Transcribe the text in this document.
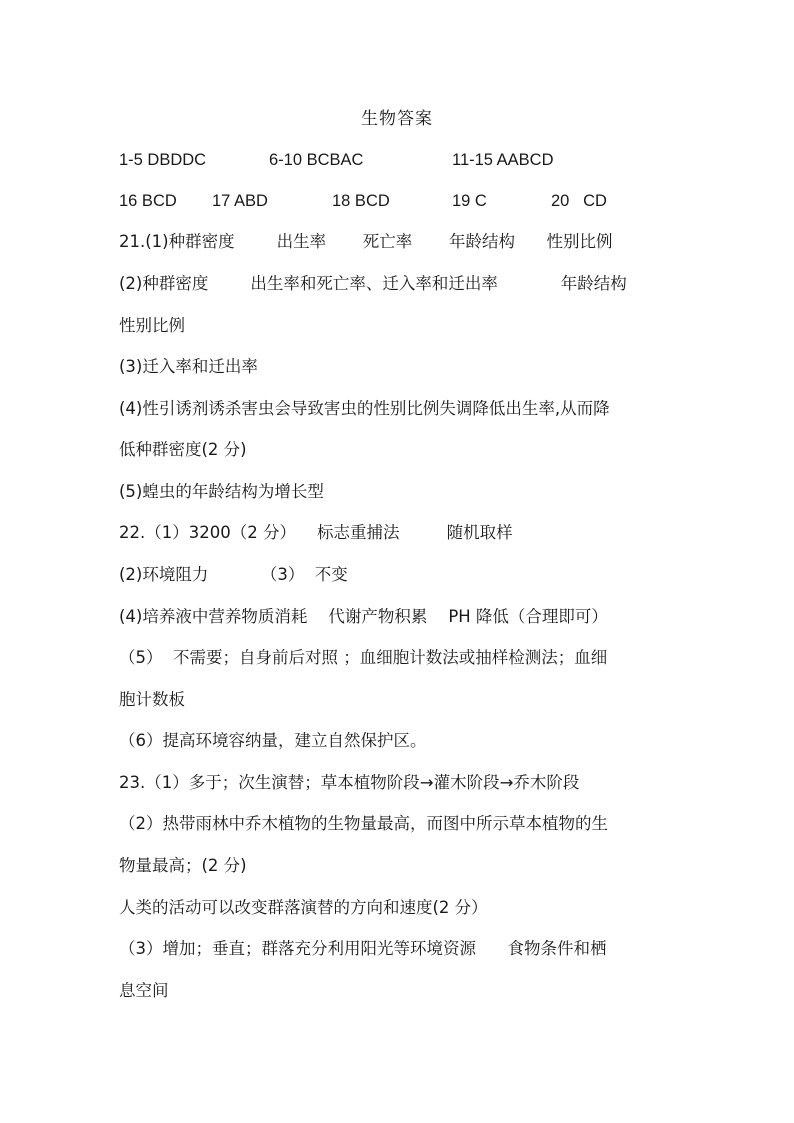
生物答案
1-5 DBDDC	6-10 BCBAC	11-15 AABCD
16 BCD 17 ABD	18 BCD	19 C	20   CD
21.(1)种群密度        出生率       死亡率       年龄结构      性别比例
(2)种群密度        出生率和死亡率、迁入率和迁出率            年龄结构
性别比例
(3)迁入率和迁出率
(4)性引诱剂诱杀害虫会导致害虫的性别比例失调降低出生率,从而降
低种群密度(2 分)
(5)蝗虫的年龄结构为增长型
22.（1）3200（2 分）    标志重捕法         随机取样
(2)环境阻力          （3）  不变
(4)培养液中营养物质消耗    代谢产物积累    PH 降低（合理即可）
（5）  不需要；自身前后对照 ；血细胞计数法或抽样检测法；血细
胞计数板
（6）提高环境容纳量，建立自然保护区。
23.（1）多于；次生演替；草本植物阶段→灌木阶段→乔木阶段
（2）热带雨林中乔木植物的生物量最高，而图中所示草本植物的生
物量最高；(2 分)
人类的活动可以改变群落演替的方向和速度(2 分）
（3）增加；垂直；群落充分利用阳光等环境资源      食物条件和栖
息空间
